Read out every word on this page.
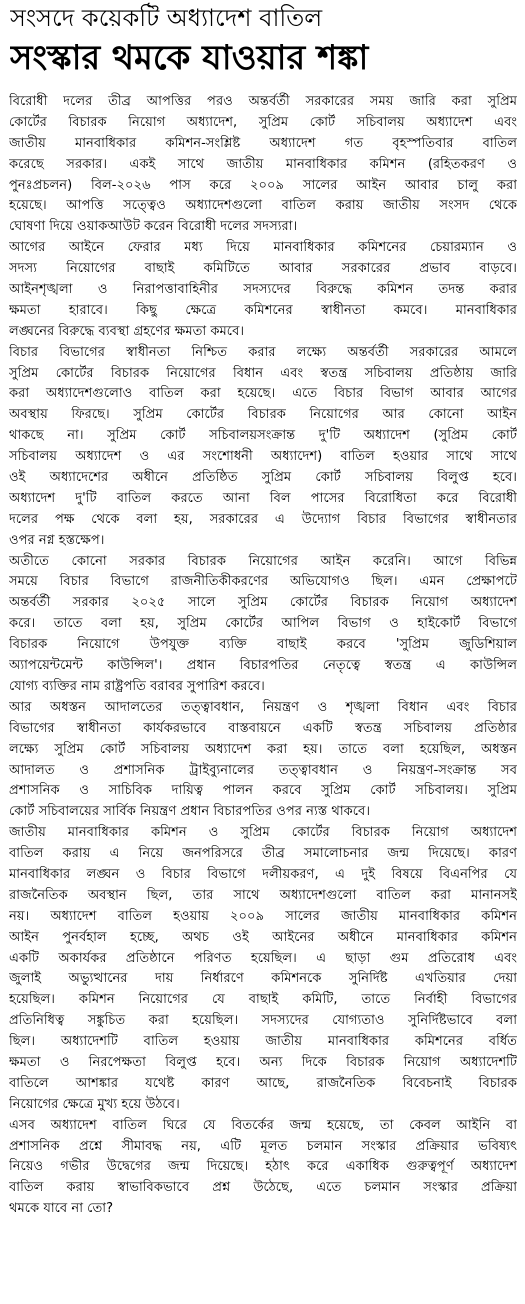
সংসদে কয়েকটি অধ্যাদেশ বাতিল
সংস্কার থমকে যাওয়ার শঙ্কা
বিরোধী দলের তীব্র আপত্তির পরও অন্তর্বর্তী সরকারের সময় জারি করা সুপ্রিম
কোর্টের বিচারক নিয়োগ অধ্যাদেশ, সুপ্রিম কোর্ট সচিবালয় অধ্যাদেশ এবং
জাতীয় মানবাধিকার কমিশন-সংশ্লিষ্ট অধ্যাদেশ গত বৃহস্পতিবার বাতিল
করেছে সরকার। একই সাথে জাতীয় মানবাধিকার কমিশন (রহিতকরণ ও
পুনঃপ্রচলন) বিল-২০২৬ পাস করে ২০০৯ সালের আইন আবার চালু করা
হয়েছে। আপত্তি সত্ত্বেও অধ্যাদেশগুলো বাতিল করায় জাতীয় সংসদ থেকে
ঘোষণা দিয়ে ওয়াকআউট করেন বিরোধী দলের সদস্যরা।
আগের আইনে ফেরার মধ্য দিয়ে মানবাধিকার কমিশনের চেয়ারম্যান ও
সদস্য নিয়োগের বাছাই কমিটিতে আবার সরকারের প্রভাব বাড়বে।
আইনশৃঙ্খলা ও নিরাপত্তাবাহিনীর সদস্যদের বিরুদ্ধে কমিশন তদন্ত করার
ক্ষমতা হারাবে। কিছু ক্ষেত্রে কমিশনের স্বাধীনতা কমবে। মানবাধিকার
লঙ্ঘনের বিরুদ্ধে ব্যবস্থা গ্রহণের ক্ষমতা কমবে।
বিচার বিভাগের স্বাধীনতা নিশ্চিত করার লক্ষ্যে অন্তর্বর্তী সরকারের আমলে
সুপ্রিম কোর্টের বিচারক নিয়োগের বিধান এবং স্বতন্ত্র সচিবালয় প্রতিষ্ঠায় জারি
করা অধ্যাদেশগুলোও বাতিল করা হয়েছে। এতে বিচার বিভাগ আবার আগের
অবস্থায় ফিরছে। সুপ্রিম কোর্টের বিচারক নিয়োগের আর কোনো আইন
থাকছে না। সুপ্রিম কোর্ট সচিবালয়সংক্রান্ত দু'টি অধ্যাদেশ (সুপ্রিম কোর্ট
সচিবালয় অধ্যাদেশ ও এর সংশোধনী অধ্যাদেশ) বাতিল হওয়ার সাথে সাথে
ওই অধ্যাদেশের অধীনে প্রতিষ্ঠিত সুপ্রিম কোর্ট সচিবালয় বিলুপ্ত হবে।
অধ্যাদেশ দু'টি বাতিল করতে আনা বিল পাসের বিরোধিতা করে বিরোধী
দলের পক্ষ থেকে বলা হয়, সরকারের এ উদ্যোগ বিচার বিভাগের স্বাধীনতার
ওপর নগ্ন হস্তক্ষেপ।
অতীতে কোনো সরকার বিচারক নিয়োগের আইন করেনি। আগে বিভিন্ন
সময়ে বিচার বিভাগে রাজনীতিকীকরণের অভিযোগও ছিল। এমন প্রেক্ষাপটে
অন্তর্বর্তী সরকার ২০২৫ সালে সুপ্রিম কোর্টের বিচারক নিয়োগ অধ্যাদেশ
করে। তাতে বলা হয়, সুপ্রিম কোর্টের আপিল বিভাগ ও হাইকোর্ট বিভাগে
বিচারক নিয়োগে উপযুক্ত ব্যক্তি বাছাই করবে 'সুপ্রিম জুডিশিয়াল
অ্যাপয়েন্টমেন্ট কাউন্সিল'। প্রধান বিচারপতির নেতৃত্বে স্বতন্ত্র এ কাউন্সিল
যোগ্য ব্যক্তির নাম রাষ্ট্রপতি বরাবর সুপারিশ করবে।
আর অধস্তন আদালতের তত্ত্বাবধান, নিয়ন্ত্রণ ও শৃঙ্খলা বিধান এবং বিচার
বিভাগের স্বাধীনতা কার্যকরভাবে বাস্তবায়নে একটি স্বতন্ত্র সচিবালয় প্রতিষ্ঠার
লক্ষ্যে সুপ্রিম কোর্ট সচিবালয় অধ্যাদেশ করা হয়। তাতে বলা হয়েছিল, অধস্তন
আদালত ও প্রশাসনিক ট্রাইব্যুনালের তত্ত্বাবধান ও নিয়ন্ত্রণ-সংক্রান্ত সব
প্রশাসনিক ও সাচিবিক দায়িত্ব পালন করবে সুপ্রিম কোর্ট সচিবালয়। সুপ্রিম
কোর্ট সচিবালয়ের সার্বিক নিয়ন্ত্রণ প্রধান বিচারপতির ওপর ন্যস্ত থাকবে।
জাতীয় মানবাধিকার কমিশন ও সুপ্রিম কোর্টের বিচারক নিয়োগ অধ্যাদেশ
বাতিল করায় এ নিয়ে জনপরিসরে তীব্র সমালোচনার জন্ম দিয়েছে। কারণ
মানবাধিকার লঙ্ঘন ও বিচার বিভাগে দলীয়করণ, এ দুই বিষয়ে বিএনপির যে
রাজনৈতিক অবস্থান ছিল, তার সাথে অধ্যাদেশগুলো বাতিল করা মানানসই
নয়। অধ্যাদেশ বাতিল হওয়ায় ২০০৯ সালের জাতীয় মানবাধিকার কমিশন
আইন পুনর্বহাল হচ্ছে, অথচ ওই আইনের অধীনে মানবাধিকার কমিশন
একটি অকার্যকর প্রতিষ্ঠানে পরিণত হয়েছিল। এ ছাড়া গুম প্রতিরোধ এবং
জুলাই অভ্যুত্থানের দায় নির্ধারণে কমিশনকে সুনির্দিষ্ট এখতিয়ার দেয়া
হয়েছিল। কমিশন নিয়োগের যে বাছাই কমিটি, তাতে নির্বাহী বিভাগের
প্রতিনিধিত্ব সঙ্কুচিত করা হয়েছিল। সদস্যদের যোগ্যতাও সুনির্দিষ্টভাবে বলা
ছিল। অধ্যাদেশটি বাতিল হওয়ায় জাতীয় মানবাধিকার কমিশনের বর্ধিত
ক্ষমতা ও নিরপেক্ষতা বিলুপ্ত হবে। অন্য দিকে বিচারক নিয়োগ অধ্যাদেশটি
বাতিলে আশঙ্কার যথেষ্ট কারণ আছে, রাজনৈতিক বিবেচনাই বিচারক
নিয়োগের ক্ষেত্রে মুখ্য হয়ে উঠবে।
এসব অধ্যাদেশ বাতিল ঘিরে যে বিতর্কের জন্ম হয়েছে, তা কেবল আইনি বা
প্রশাসনিক প্রশ্নে সীমাবদ্ধ নয়, এটি মূলত চলমান সংস্কার প্রক্রিয়ার ভবিষ্যৎ
নিয়েও গভীর উদ্বেগের জন্ম দিয়েছে। হঠাৎ করে একাধিক গুরুত্বপূর্ণ অধ্যাদেশ
বাতিল করায় স্বাভাবিকভাবে প্রশ্ন উঠেছে, এতে চলমান সংস্কার প্রক্রিয়া
থমকে যাবে না তো?
